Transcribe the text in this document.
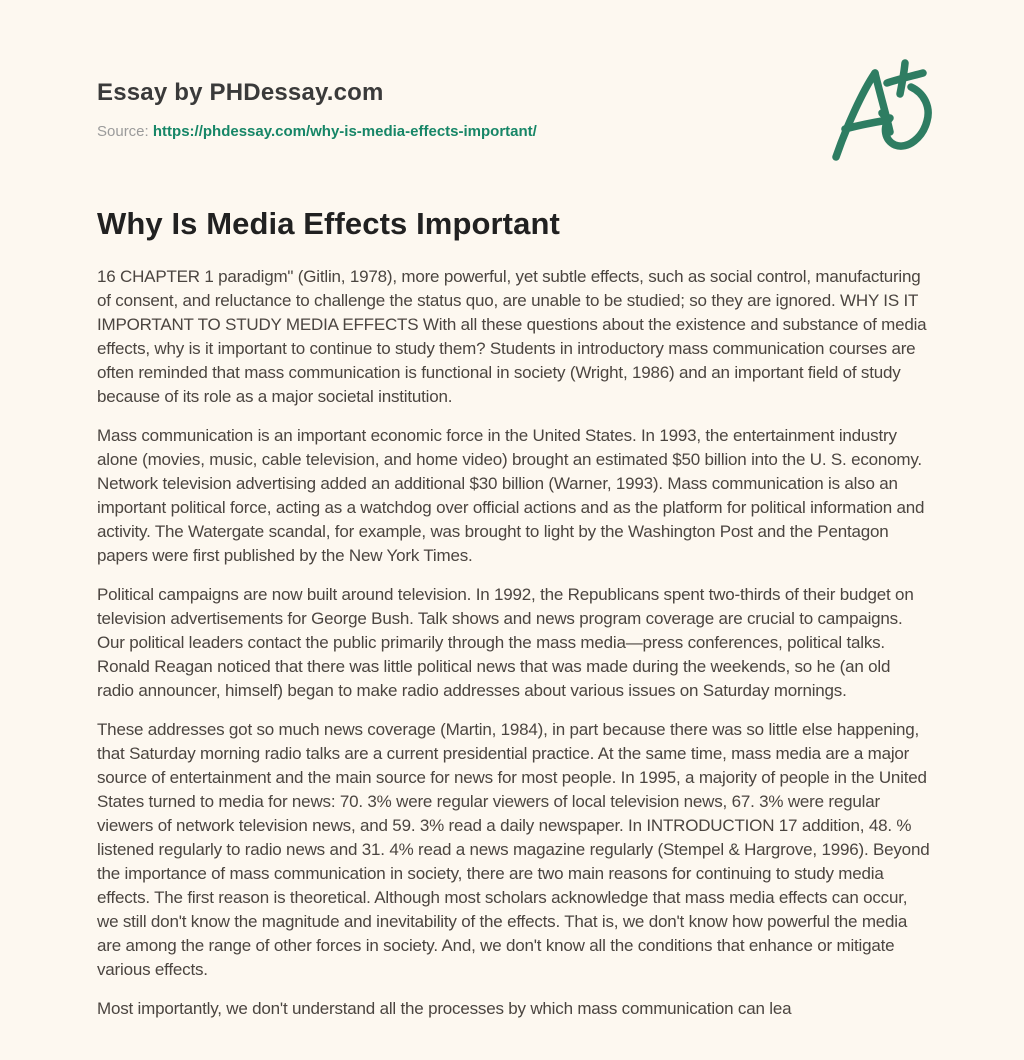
Essay by PHDessay.com
Source: https://phdessay.com/why-is-media-effects-important/
Why Is Media Effects Important

16 CHAPTER 1 paradigm" (Gitlin, 1978), more powerful, yet subtle effects, such as social control, manufacturing of consent, and reluctance to challenge the status quo, are unable to be studied; so they are ignored. WHY IS IT IMPORTANT TO STUDY MEDIA EFFECTS With all these questions about the existence and substance of media effects, why is it important to continue to study them? Students in introductory mass communication courses are often reminded that mass communication is functional in society (Wright, 1986) and an important field of study because of its role as a major societal institution.

Mass communication is an important economic force in the United States. In 1993, the entertainment industry alone (movies, music, cable television, and home video) brought an estimated $50 billion into the U. S. economy. Network television advertising added an additional $30 billion (Warner, 1993). Mass communication is also an important political force, acting as a watchdog over official actions and as the platform for political information and activity. The Watergate scandal, for example, was brought to light by the Washington Post and the Pentagon papers were first published by the New York Times.

Political campaigns are now built around television. In 1992, the Republicans spent two-thirds of their budget on television advertisements for George Bush. Talk shows and news program coverage are crucial to campaigns. Our political leaders contact the public primarily through the mass media—press conferences, political talks. Ronald Reagan noticed that there was little political news that was made during the weekends, so he (an old radio announcer, himself) began to make radio addresses about various issues on Saturday mornings.

These addresses got so much news coverage (Martin, 1984), in part because there was so little else happening, that Saturday morning radio talks are a current presidential practice. At the same time, mass media are a major source of entertainment and the main source for news for most people. In 1995, a majority of people in the United States turned to media for news: 70. 3% were regular viewers of local television news, 67. 3% were regular viewers of network television news, and 59. 3% read a daily newspaper. In INTRODUCTION 17 addition, 48. % listened regularly to radio news and 31. 4% read a news magazine regularly (Stempel & Hargrove, 1996). Beyond the importance of mass communication in society, there are two main reasons for continuing to study media effects. The first reason is theoretical. Although most scholars acknowledge that mass media effects can occur, we still don't know the magnitude and inevitability of the effects. That is, we don't know how powerful the media are among the range of other forces in society. And, we don't know all the conditions that enhance or mitigate various effects.

Most importantly, we don't understand all the processes by which mass communication can lea
